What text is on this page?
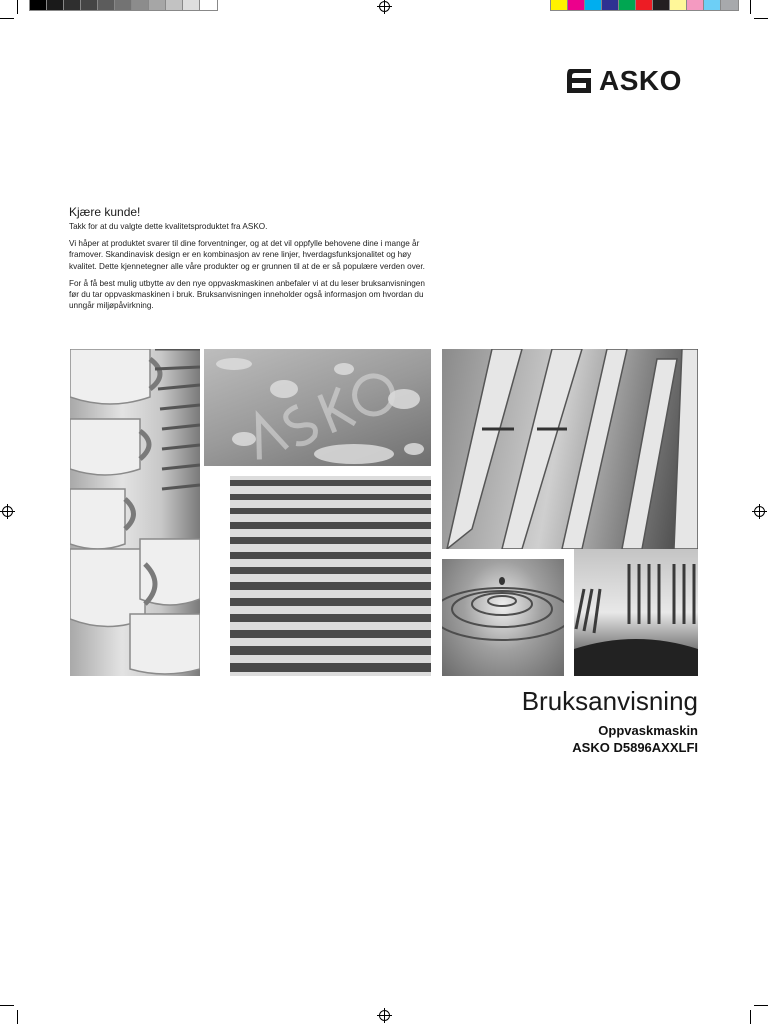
ASKO

Kjære kunde!

Takk for at du valgte dette kvalitetsproduktet fra ASKO.

Vi håper at produktet svarer til dine forventninger, og at det vil oppfylle behovene dine i mange år framover. Skandinavisk design er en kombinasjon av rene linjer, hverdagsfunksjonalitet og høy kvalitet. Dette kjennetegner alle våre produkter og er grunnen til at de er så populære verden over.

For å få best mulig utbytte av den nye oppvaskmaskinen anbefaler vi at du leser bruksanvisningen før du tar oppvaskmaskinen i bruk. Bruksanvisningen inneholder også informasjon om hvordan du unngår miljøpåvirkning.

Bruksanvisning
Oppvaskmaskin
ASKO D5896AXXLFI
